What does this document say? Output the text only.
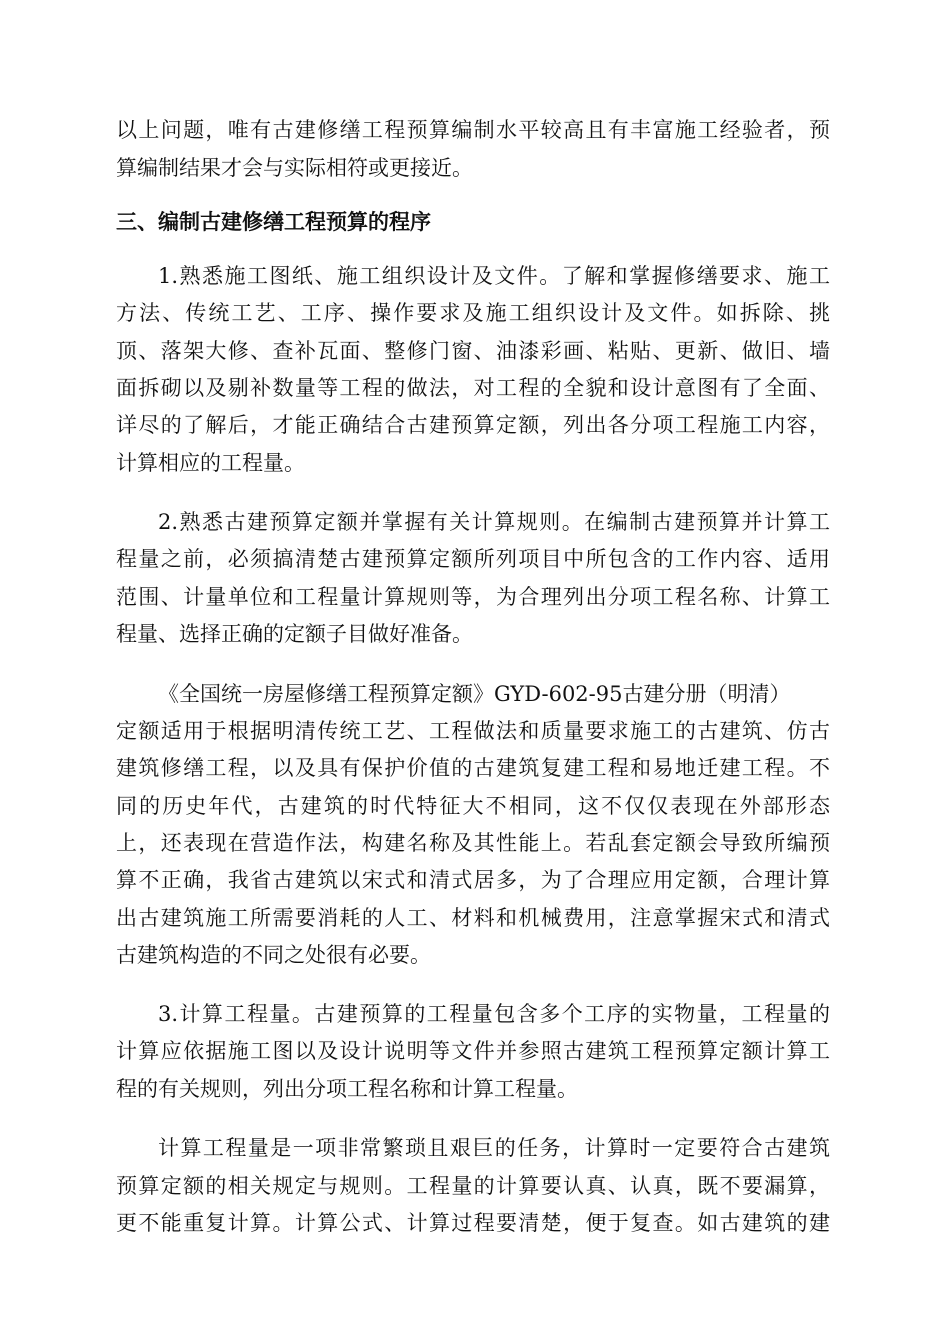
以上问题，唯有古建修缮工程预算编制水平较高且有丰富施工经验者，预
算编制结果才会与实际相符或更接近。
三、编制古建修缮工程预算的程序
1.熟悉施工图纸、施工组织设计及文件。了解和掌握修缮要求、施工
方法、传统工艺、工序、操作要求及施工组织设计及文件。如拆除、挑
顶、落架大修、查补瓦面、整修门窗、油漆彩画、粘贴、更新、做旧、墙
面拆砌以及剔补数量等工程的做法，对工程的全貌和设计意图有了全面、
详尽的了解后，才能正确结合古建预算定额，列出各分项工程施工内容，
计算相应的工程量。
2.熟悉古建预算定额并掌握有关计算规则。在编制古建预算并计算工
程量之前，必须搞清楚古建预算定额所列项目中所包含的工作内容、适用
范围、计量单位和工程量计算规则等，为合理列出分项工程名称、计算工
程量、选择正确的定额子目做好准备。
《全国统一房屋修缮工程预算定额》GYD-602-95古建分册（明清）
定额适用于根据明清传统工艺、工程做法和质量要求施工的古建筑、仿古
建筑修缮工程，以及具有保护价值的古建筑复建工程和易地迁建工程。不
同的历史年代，古建筑的时代特征大不相同，这不仅仅表现在外部形态
上，还表现在营造作法，构建名称及其性能上。若乱套定额会导致所编预
算不正确，我省古建筑以宋式和清式居多，为了合理应用定额，合理计算
出古建筑施工所需要消耗的人工、材料和机械费用，注意掌握宋式和清式
古建筑构造的不同之处很有必要。
3.计算工程量。古建预算的工程量包含多个工序的实物量，工程量的
计算应依据施工图以及设计说明等文件并参照古建筑工程预算定额计算工
程的有关规则，列出分项工程名称和计算工程量。
计算工程量是一项非常繁琐且艰巨的任务，计算时一定要符合古建筑
预算定额的相关规定与规则。工程量的计算要认真、认真，既不要漏算，
更不能重复计算。计算公式、计算过程要清楚，便于复查。如古建筑的建
